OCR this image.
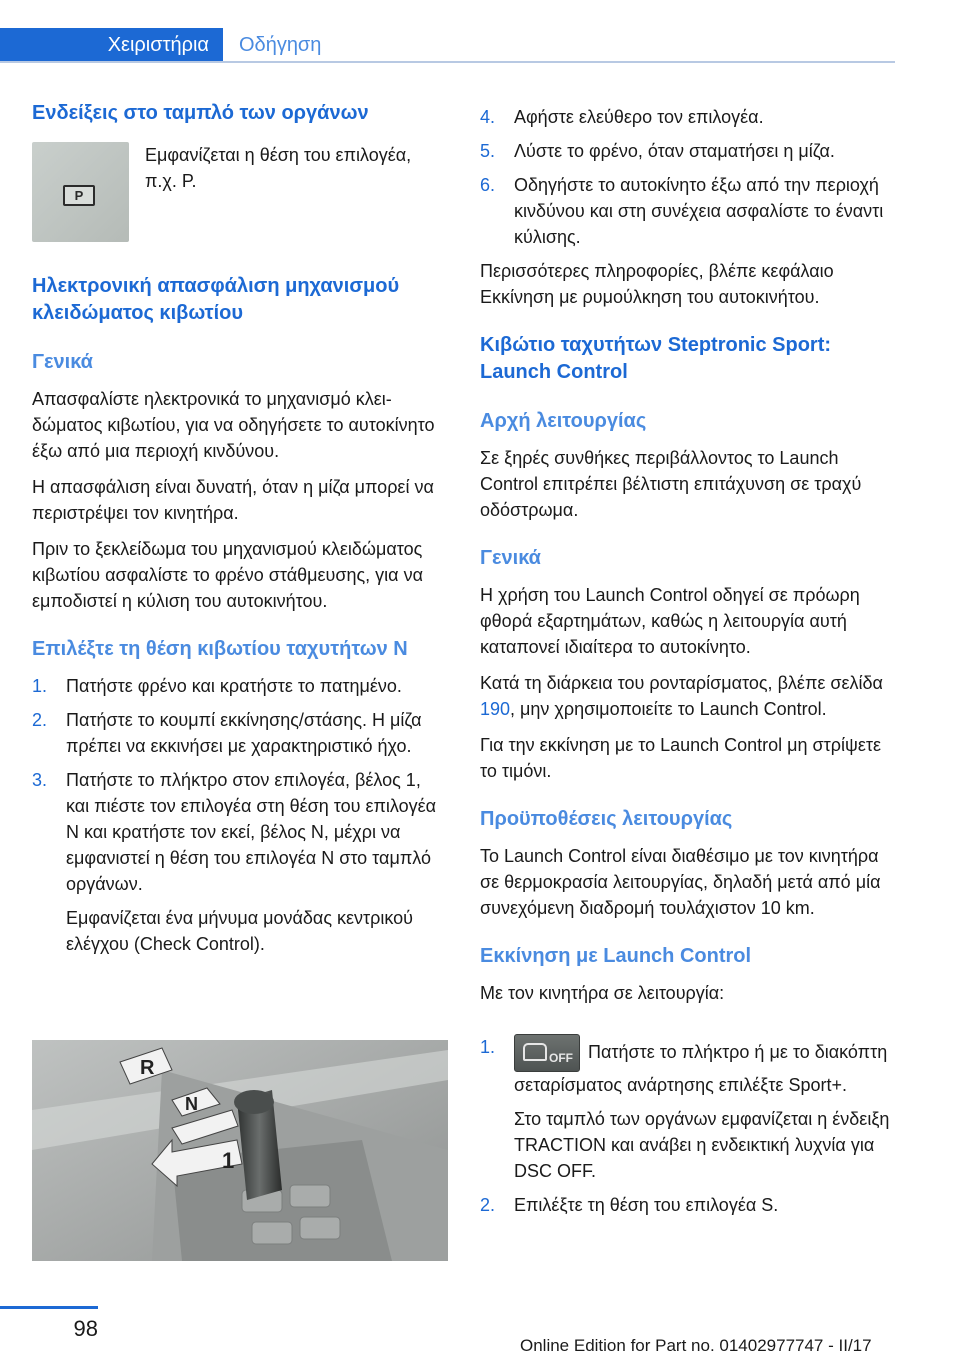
Χειριστήρια	Οδήγηση
Ενδείξεις στο ταμπλό των οργάνων
P

Εμφανίζεται η θέση του επιλογέα, π.χ. P.

Ηλεκτρονική απασφάλιση μηχανισμού κλειδώματος κιβωτίου
Γενικά

Απασφαλίστε ηλεκτρονικά το μηχανισμό κλειδώματος κιβωτίου, για να οδηγήσετε το αυτοκίνητο έξω από μια περιοχή κινδύνου.

Η απασφάλιση είναι δυνατή, όταν η μίζα μπορεί να περιστρέψει τον κινητήρα.

Πριν το ξεκλείδωμα του μηχανισμού κλειδώματος κιβωτίου ασφαλίστε το φρένο στάθμευσης, για να εμποδιστεί η κύλιση του αυτοκινήτου.

Επιλέξτε τη θέση κιβωτίου ταχυτήτων N
1. Πατήστε φρένο και κρατήστε το πατημένο.
2. Πατήστε το κουμπί εκκίνησης/στάσης. Η μίζα πρέπει να εκκινήσει με χαρακτηριστικό ήχο.
3. Πατήστε το πλήκτρο στον επιλογέα, βέλος 1, και πιέστε τον επιλογέα στη θέση του επιλογέα N και κρατήστε τον εκεί, βέλος N, μέχρι να εμφανιστεί η θέση του επιλογέα N στο ταμπλό οργάνων.
Εμφανίζεται ένα μήνυμα μονάδας κεντρικού ελέγχου (Check Control).
R
N
1
4. Αφήστε ελεύθερο τον επιλογέα.
5. Λύστε το φρένο, όταν σταματήσει η μίζα.
6. Οδηγήστε το αυτοκίνητο έξω από την περιοχή κινδύνου και στη συνέχεια ασφαλίστε το έναντι κύλισης.

Περισσότερες πληροφορίες, βλέπε κεφάλαιο Εκκίνηση με ρυμούλκηση του αυτοκινήτου.

Κιβώτιο ταχυτήτων Steptronic Sport: Launch Control
Αρχή λειτουργίας

Σε ξηρές συνθήκες περιβάλλοντος το Launch Control επιτρέπει βέλτιστη επιτάχυνση σε τραχύ οδόστρωμα.

Γενικά

Η χρήση του Launch Control οδηγεί σε πρόωρη φθορά εξαρτημάτων, καθώς η λειτουργία αυτή καταπονεί ιδιαίτερα το αυτοκίνητο.

Κατά τη διάρκεια του ρονταρίσματος, βλέπε σελίδα 190, μην χρησιμοποιείτε το Launch Control.

Για την εκκίνηση με το Launch Control μη στρίψετε το τιμόνι.

Προϋποθέσεις λειτουργίας

Το Launch Control είναι διαθέσιμο με τον κινητήρα σε θερμοκρασία λειτουργίας, δηλαδή μετά από μία συνεχόμενη διαδρομή τουλάχιστον 10 km.

Εκκίνηση με Launch Control

Με τον κινητήρα σε λειτουργία:

1.
OFF Πατήστε το πλήκτρο ή με το διακόπτη σεταρίσματος ανάρτησης επιλέξτε Sport+.
Στο ταμπλό των οργάνων εμφανίζεται η ένδειξη TRACTION και ανάβει η ενδεικτική λυχνία για DSC OFF.
2. Επιλέξτε τη θέση του επιλογέα S.
98
Online Edition for Part no. 01402977747 - II/17
